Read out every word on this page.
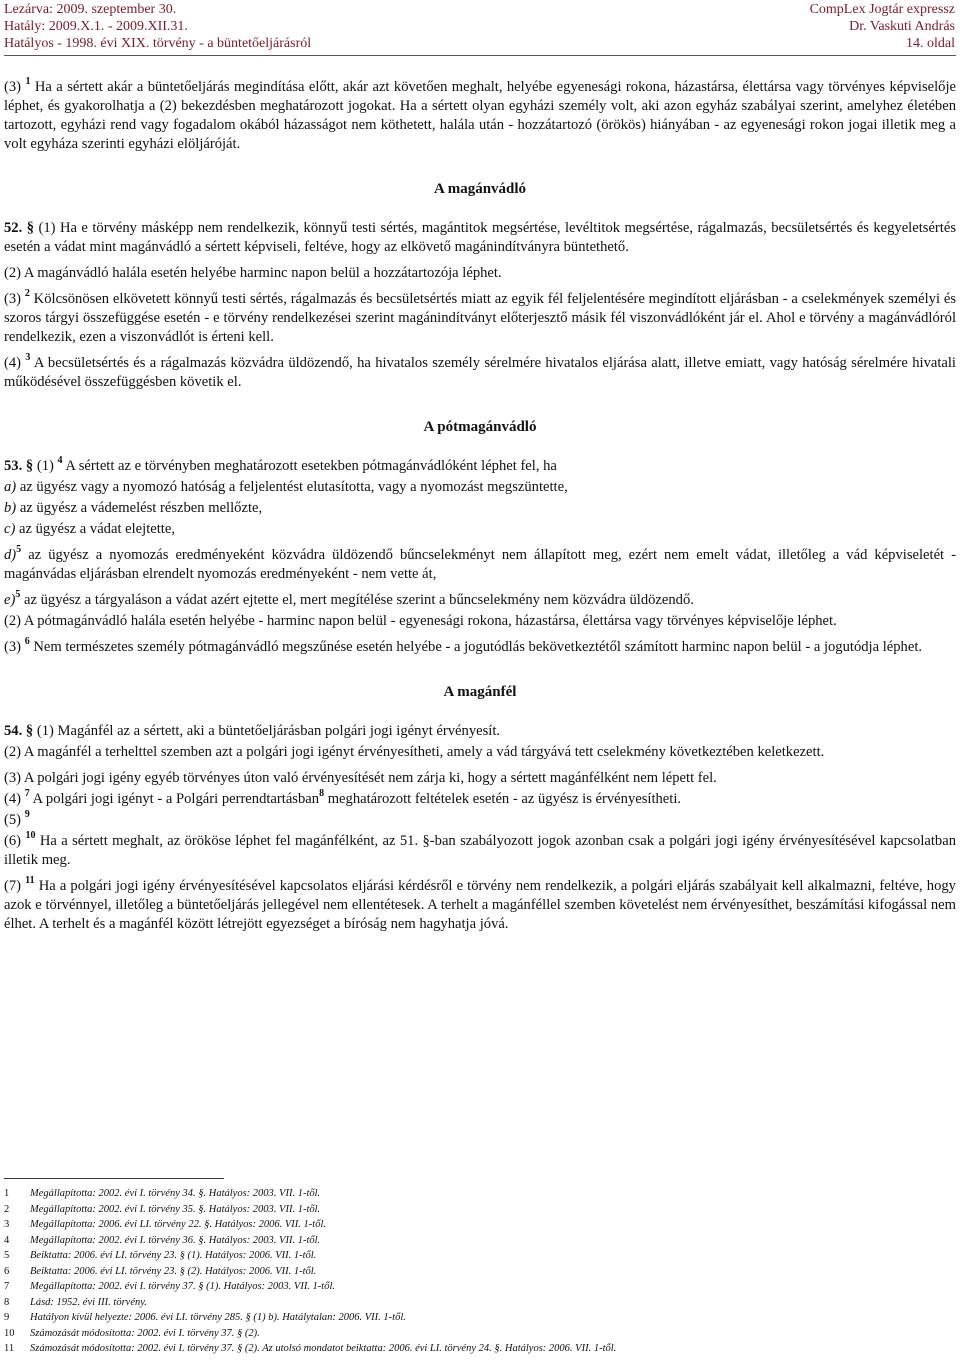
Lezárva: 2009. szeptember 30.
Hatály: 2009.X.1. - 2009.XII.31.
Hatályos - 1998. évi XIX. törvény - a büntetőeljárásról
CompLex Jogtár expressz
Dr. Vaskuti András
14. oldal

(3) $^1$ Ha a sértett akár a büntetőeljárás megindítása előtt, akár azt követően meghalt, helyébe egyenesági rokona, házastársa, élettársa vagy törvényes képviselője léphet, és gyakorolhatja a (2) bekezdésben meghatározott jogokat. Ha a sértett olyan egyházi személy volt, aki azon egyház szabályai szerint, amelyhez életében tartozott, egyházi rend vagy fogadalom okából házasságot nem köthetett, halála után - hozzátartozó (örökös) hiányában - az egyenesági rokon jogai illetik meg a volt egyháza szerinti egyházi elöljáróját.

A magánvádló

52. § (1) Ha e törvény másképp nem rendelkezik, könnyű testi sértés, magántitok megsértése, levéltitok megsértése, rágalmazás, becsületsértés és kegyeletsértés esetén a vádat mint magánvádló a sértett képviseli, feltéve, hogy az elkövető magánindítványra büntethető.

(2) A magánvádló halála esetén helyébe harminc napon belül a hozzátartozója léphet.

(3) $^2$ Kölcsönösen elkövetett könnyű testi sértés, rágalmazás és becsületsértés miatt az egyik fél feljelentésére megindított eljárásban - a cselekmények személyi és szoros tárgyi összefüggése esetén - e törvény rendelkezései szerint magánindítványt előterjesztő másik fél viszonvádlóként jár el. Ahol e törvény a magánvádlóról rendelkezik, ezen a viszonvádlót is érteni kell.

(4) $^3$ A becsületsértés és a rágalmazás közvádra üldözendő, ha hivatalos személy sérelmére hivatalos eljárása alatt, illetve emiatt, vagy hatóság sérelmére hivatali működésével összefüggésben követik el.

A pótmagánvádló

53. § (1) $^4$ A sértett az e törvényben meghatározott esetekben pótmagánvádlóként léphet fel, ha

a) az ügyész vagy a nyomozó hatóság a feljelentést elutasította, vagy a nyomozást megszüntette,

b) az ügyész a vádemelést részben mellőzte,

c) az ügyész a vádat elejtette,

d)$^5$ az ügyész a nyomozás eredményeként közvádra üldözendő bűncselekményt nem állapított meg, ezért nem emelt vádat, illetőleg a vád képviseletét - magánvádas eljárásban elrendelt nyomozás eredményeként - nem vette át,

e)$^5$ az ügyész a tárgyaláson a vádat azért ejtette el, mert megítélése szerint a bűncselekmény nem közvádra üldözendő.

(2) A pótmagánvádló halála esetén helyébe - harminc napon belül - egyenesági rokona, házastársa, élettársa vagy törvényes képviselője léphet.

(3) $^6$ Nem természetes személy pótmagánvádló megszűnése esetén helyébe - a jogutódlás bekövetkeztétől számított harminc napon belül - a jogutódja léphet.

A magánfél

54. § (1) Magánfél az a sértett, aki a büntetőeljárásban polgári jogi igényt érvényesít.

(2) A magánfél a terhelttel szemben azt a polgári jogi igényt érvényesítheti, amely a vád tárgyává tett cselekmény következtében keletkezett.

(3) A polgári jogi igény egyéb törvényes úton való érvényesítését nem zárja ki, hogy a sértett magánfélként nem lépett fel.

(4) $^7$ A polgári jogi igényt - a Polgári perrendtartásban$^8$ meghatározott feltételek esetén - az ügyész is érvényesítheti.

(5) $^9$

(6) $^{10}$ Ha a sértett meghalt, az örököse léphet fel magánfélként, az 51. §-ban szabályozott jogok azonban csak a polgári jogi igény érvényesítésével kapcsolatban illetik meg.

(7) $^{11}$ Ha a polgári jogi igény érvényesítésével kapcsolatos eljárási kérdésről e törvény nem rendelkezik, a polgári eljárás szabályait kell alkalmazni, feltéve, hogy azok e törvénnyel, illetőleg a büntetőeljárás jellegével nem ellentétesek. A terhelt a magánféllel szemben követelést nem érvényesíthet, beszámítási kifogással nem élhet. A terhelt és a magánfél között létrejött egyezséget a bíróság nem hagyhatja jóvá.

1 Megállapította: 2002. évi I. törvény 34. §. Hatályos: 2003. VII. 1-től.
2 Megállapította: 2002. évi I. törvény 35. §. Hatályos: 2003. VII. 1-től.
3 Megállapította: 2006. évi LI. törvény 22. §. Hatályos: 2006. VII. 1-től.
4 Megállapította: 2002. évi I. törvény 36. §. Hatályos: 2003. VII. 1-től.
5 Beiktatta: 2006. évi LI. törvény 23. § (1). Hatályos: 2006. VII. 1-től.
6 Beiktatta: 2006. évi LI. törvény 23. § (2). Hatályos: 2006. VII. 1-től.
7 Megállapította: 2002. évi I. törvény 37. § (1). Hatályos: 2003. VII. 1-től.
8 Lásd: 1952. évi III. törvény.
9 Hatályon kívül helyezte: 2006. évi LI. törvény 285. § (1) b). Hatálytalan: 2006. VII. 1-től.
10 Számozását módosította: 2002. évi I. törvény 37. § (2).
11 Számozását módosította: 2002. évi I. törvény 37. § (2). Az utolsó mondatot beiktatta: 2006. évi LI. törvény 24. §. Hatályos: 2006. VII. 1-től.
